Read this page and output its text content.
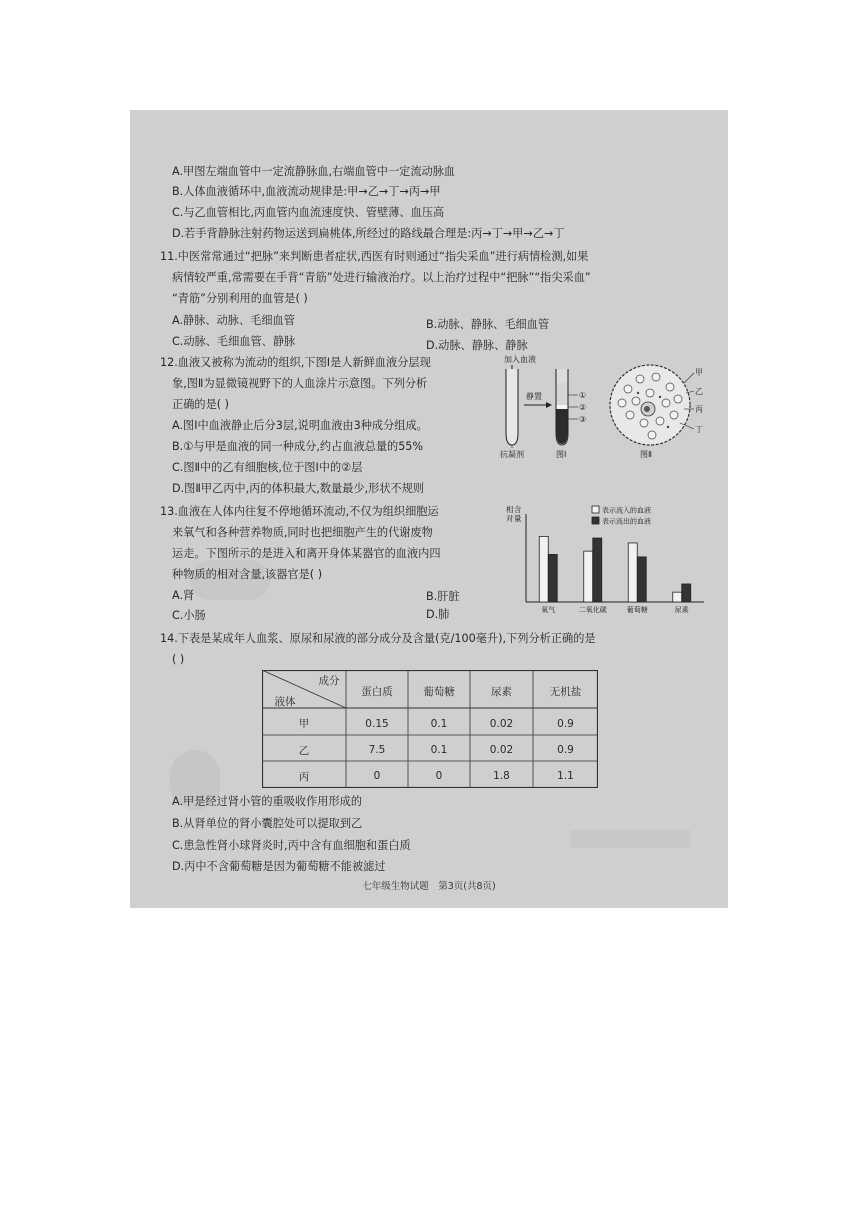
A.甲图左端血管中一定流静脉血,右端血管中一定流动脉血
B.人体血液循环中,血液流动规律是:甲→乙→丁→丙→甲
C.与乙血管相比,丙血管内血流速度快、管壁薄、血压高
D.若手背静脉注射药物运送到扁桃体,所经过的路线最合理是:丙→丁→甲→乙→丁
11.中医常常通过“把脉”来判断患者症状,西医有时则通过“指尖采血”进行病情检测,如果
病情较严重,常需要在手背“青筋”处进行输液治疗。以上治疗过程中“把脉”“指尖采血”
“青筋”分别利用的血管是( )
A.静脉、动脉、毛细血管	B.动脉、静脉、毛细血管
C.动脉、毛细血管、静脉	D.动脉、静脉、静脉
12.血液又被称为流动的组织,下图Ⅰ是人新鲜血液分层现
象,图Ⅱ为显微镜视野下的人血涂片示意图。下列分析
正确的是( )
A.图Ⅰ中血液静止后分3层,说明血液由3种成分组成。
B.①与甲是血液的同一种成分,约占血液总量的55%
C.图Ⅱ中的乙有细胞核,位于图Ⅰ中的②层
D.图Ⅱ甲乙丙中,丙的体积最大,数量最少,形状不规则
加入血液
抗凝剂
静置	①
②
③
图Ⅰ
甲
乙
丙
丁
图Ⅱ
13.血液在人体内往复不停地循环流动,不仅为组织细胞运
来氧气和各种营养物质,同时也把细胞产生的代谢废物
运走。下图所示的是进入和离开身体某器官的血液内四
种物质的相对含量,该器官是( )
A.肾	B.肝脏
C.小肠	D.肺
相对含量
表示流入的血液
表示流出的血液
氧气	二氧化碳	葡萄糖	尿素
14.下表是某成年人血浆、原尿和尿液的部分成分及含量(克/100毫升),下列分析正确的是
( )
成分
液体
蛋白质	葡萄糖	尿素	无机盐
甲	0.15	0.1	0.02	0.9
乙	7.5	0.1	0.02	0.9
丙	0	0	1.8	1.1
A.甲是经过肾小管的重吸收作用形成的
B.从肾单位的肾小囊腔处可以提取到乙
C.患急性肾小球肾炎时,丙中含有血细胞和蛋白质
D.丙中不含葡萄糖是因为葡萄糖不能被滤过
七年级生物试题　第3页(共8页)
